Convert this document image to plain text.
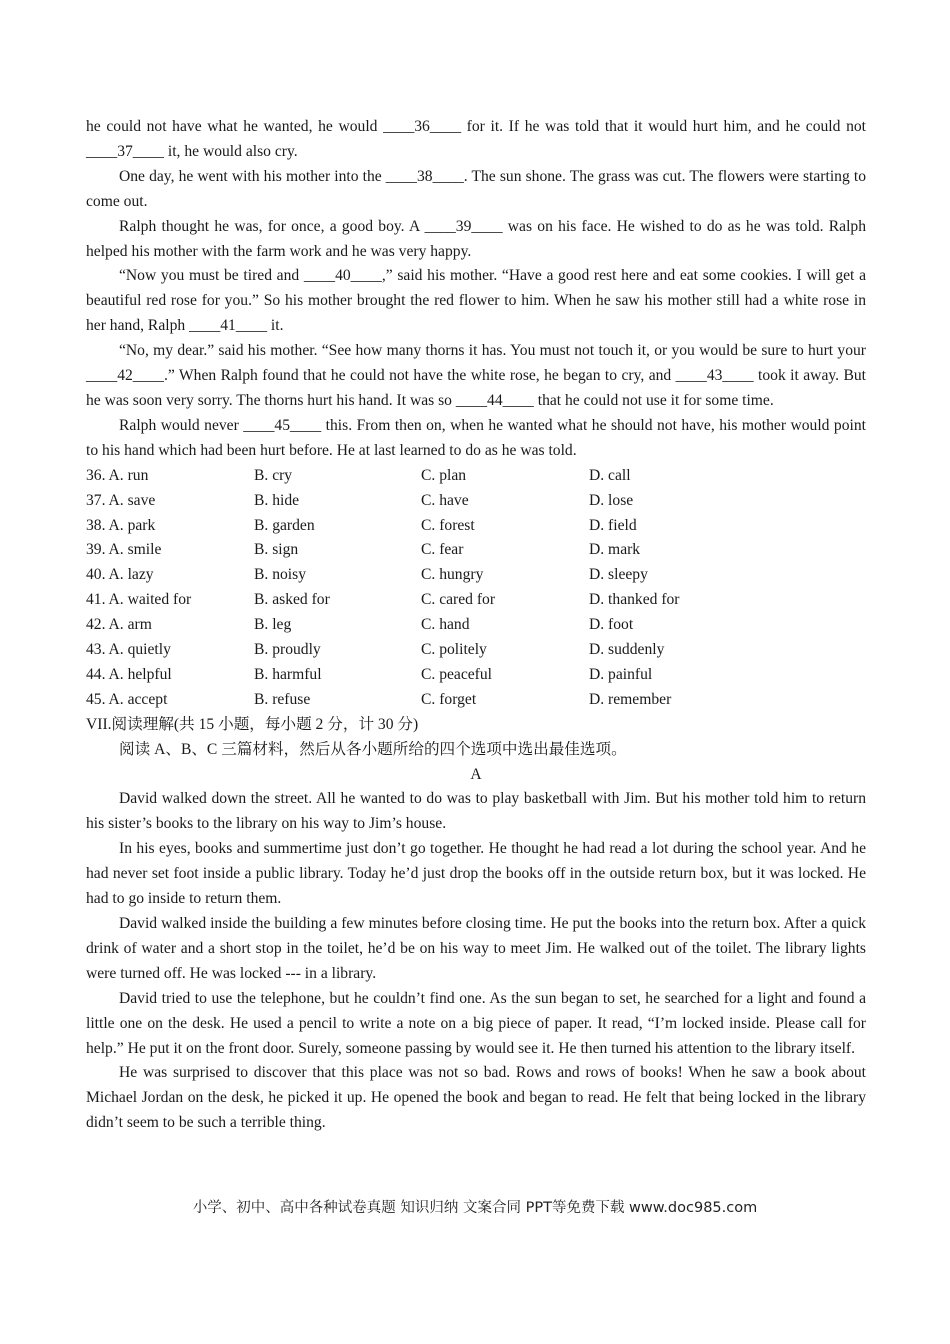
he could not have what he wanted, he would ____36____ for it. If he was told that it would hurt him, and he could not ____37____ it, he would also cry.

One day, he went with his mother into the ____38____. The sun shone. The grass was cut. The flowers were starting to come out.

Ralph thought he was, for once, a good boy. A ____39____ was on his face. He wished to do as he was told. Ralph helped his mother with the farm work and he was very happy.

“Now you must be tired and ____40____,” said his mother. “Have a good rest here and eat some cookies. I will get a beautiful red rose for you.” So his mother brought the red flower to him. When he saw his mother still had a white rose in her hand, Ralph ____41____ it.

“No, my dear.” said his mother. “See how many thorns it has. You must not touch it, or you would be sure to hurt your ____42____.” When Ralph found that he could not have the white rose, he began to cry, and ____43____ took it away. But he was soon very sorry. The thorns hurt his hand. It was so ____44____ that he could not use it for some time.

Ralph would never ____45____ this. From then on, when he wanted what he should not have, his mother would point to his hand which had been hurt before. He at last learned to do as he was told.

36. A. run	B. cry	C. plan	D. call
37. A. save	B. hide	C. have	D. lose
38. A. park	B. garden	C. forest	D. field
39. A. smile	B. sign	C. fear	D. mark
40. A. lazy	B. noisy	C. hungry	D. sleepy
41. A. waited for	B. asked for	C. cared for	D. thanked for
42. A. arm	B. leg	C. hand	D. foot
43. A. quietly	B. proudly	C. politely	D. suddenly
44. A. helpful	B. harmful	C. peaceful	D. painful
45. A. accept	B. refuse	C. forget	D. remember

VII.阅读理解(共 15 小题，每小题 2 分，计 30 分)

阅读 A、B、C 三篇材料，然后从各小题所给的四个选项中选出最佳选项。

A

David walked down the street. All he wanted to do was to play basketball with Jim. But his mother told him to return his sister’s books to the library on his way to Jim’s house.

In his eyes, books and summertime just don’t go together. He thought he had read a lot during the school year. And he had never set foot inside a public library. Today he’d just drop the books off in the outside return box, but it was locked. He had to go inside to return them.

David walked inside the building a few minutes before closing time. He put the books into the return box. After a quick drink of water and a short stop in the toilet, he’d be on his way to meet Jim. He walked out of the toilet. The library lights were turned off. He was locked --- in a library.

David tried to use the telephone, but he couldn’t find one. As the sun began to set, he searched for a light and found a little one on the desk. He used a pencil to write a note on a big piece of paper. It read, “I’m locked inside. Please call for help.” He put it on the front door. Surely, someone passing by would see it. He then turned his attention to the library itself.

He was surprised to discover that this place was not so bad. Rows and rows of books! When he saw a book about Michael Jordan on the desk, he picked it up. He opened the book and began to read. He felt that being locked in the library didn’t seem to be such a terrible thing.

小学、初中、高中各种试卷真题 知识归纳 文案合同 PPT等免费下载 www.doc985.com
